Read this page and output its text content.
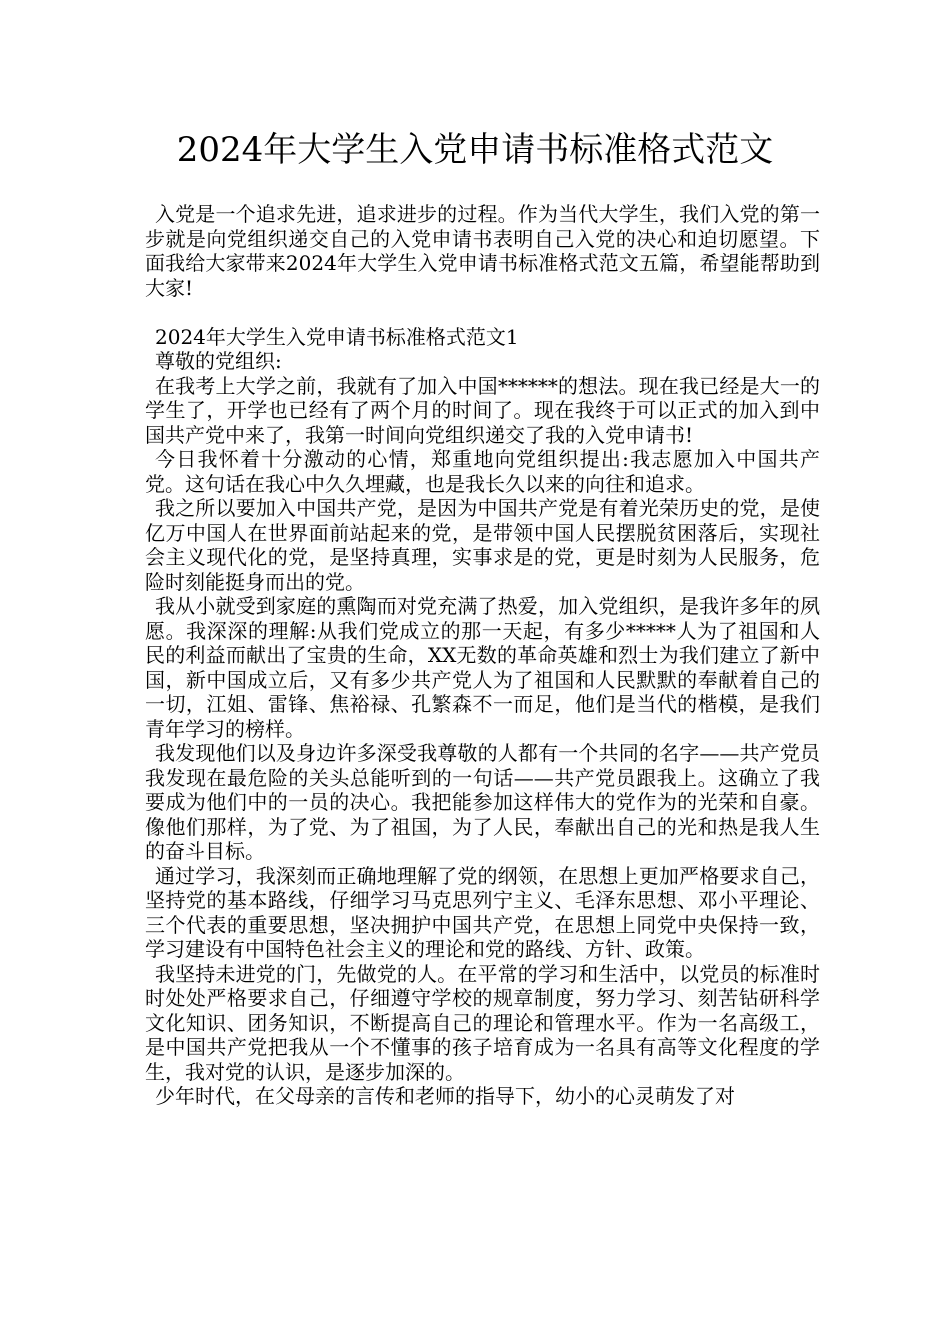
2024年大学生入党申请书标准格式范文

入党是一个追求先进，追求进步的过程。作为当代大学生，我们入党的第一步就是向党组织递交自己的入党申请书表明自己入党的决心和迫切愿望。下面我给大家带来2024年大学生入党申请书标准格式范文五篇，希望能帮助到大家!

2024年大学生入党申请书标准格式范文1

尊敬的党组织:

在我考上大学之前，我就有了加入中国******的想法。现在我已经是大一的学生了，开学也已经有了两个月的时间了。现在我终于可以正式的加入到中国共产党中来了，我第一时间向党组织递交了我的入党申请书!

今日我怀着十分激动的心情，郑重地向党组织提出:我志愿加入中国共产党。这句话在我心中久久埋藏，也是我长久以来的向往和追求。

我之所以要加入中国共产党，是因为中国共产党是有着光荣历史的党，是使亿万中国人在世界面前站起来的党，是带领中国人民摆脱贫困落后，实现社会主义现代化的党，是坚持真理，实事求是的党，更是时刻为人民服务，危险时刻能挺身而出的党。

我从小就受到家庭的熏陶而对党充满了热爱，加入党组织，是我许多年的夙愿。我深深的理解:从我们党成立的那一天起，有多少*****人为了祖国和人民的利益而献出了宝贵的生命，XX无数的革命英雄和烈士为我们建立了新中国，新中国成立后，又有多少共产党人为了祖国和人民默默的奉献着自己的一切，江姐、雷锋、焦裕禄、孔繁森不一而足，他们是当代的楷模，是我们青年学习的榜样。

我发现他们以及身边许多深受我尊敬的人都有一个共同的名字——共产党员我发现在最危险的关头总能听到的一句话——共产党员跟我上。这确立了我要成为他们中的一员的决心。我把能参加这样伟大的党作为的光荣和自豪。像他们那样，为了党、为了祖国，为了人民，奉献出自己的光和热是我人生的奋斗目标。

通过学习，我深刻而正确地理解了党的纲领，在思想上更加严格要求自己，坚持党的基本路线，仔细学习马克思列宁主义、毛泽东思想、邓小平理论、三个代表的重要思想，坚决拥护中国共产党，在思想上同党中央保持一致，学习建设有中国特色社会主义的理论和党的路线、方针、政策。

我坚持未进党的门，先做党的人。在平常的学习和生活中，以党员的标准时时处处严格要求自己，仔细遵守学校的规章制度，努力学习、刻苦钻研科学文化知识、团务知识，不断提高自己的理论和管理水平。作为一名高级工，是中国共产党把我从一个不懂事的孩子培育成为一名具有高等文化程度的学生，我对党的认识，是逐步加深的。

少年时代，在父母亲的言传和老师的指导下，幼小的心灵萌发了对
